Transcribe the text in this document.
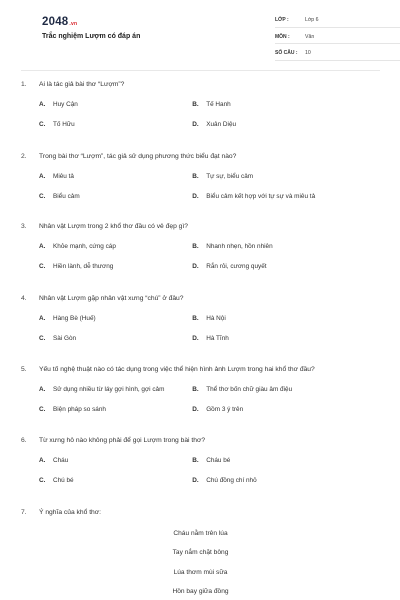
2048.vn
Trắc nghiệm Lượm có đáp án
LỚP :	Lớp 6
MÔN :	Văn
SỐ CÂU :	10
1.	Ai là tác giả bài thơ “Lượm”?
A.	Huy Cận	B.	Tế Hanh
C.	Tố Hữu	D.	Xuân Diệu
2.	Trong bài thơ “Lượm”, tác giả sử dụng phương thức biểu đạt nào?
A.	Miêu tả	B.	Tự sự, biểu cảm
C.	Biểu cảm	D.	Biểu cảm kết hợp với tự sự và miêu tả
3.	Nhân vật Lượm trong 2 khổ thơ đầu có vẻ đẹp gì?
A.	Khỏe mạnh, cứng cáp	B.	Nhanh nhẹn, hồn nhiên
C.	Hiền lành, dễ thương	D.	Rắn rỏi, cương quyết
4.	Nhân vật Lượm gặp nhân vật xưng “chú” ở đâu?
A.	Hàng Bè (Huế)	B.	Hà Nội
C.	Sài Gòn	D.	Hà Tĩnh
5.	Yếu tố nghệ thuật nào có tác dụng trong việc thể hiện hình ảnh Lượm trong hai khổ thơ đầu?
A.	Sử dụng nhiều từ láy gợi hình, gợi cảm	B.	Thể thơ bốn chữ giàu âm điệu
C.	Biện pháp so sánh	D.	Gồm 3 ý trên
6.	Từ xưng hô nào không phải để gọi Lượm trong bài thơ?
A.	Cháu	B.	Cháu bé
C.	Chú bé	D.	Chú đồng chí nhỏ
7.	Ý nghĩa của khổ thơ:
Cháu nằm trên lúa
Tay nắm chặt bông
Lúa thơm mùi sữa
Hồn bay giữa đồng
